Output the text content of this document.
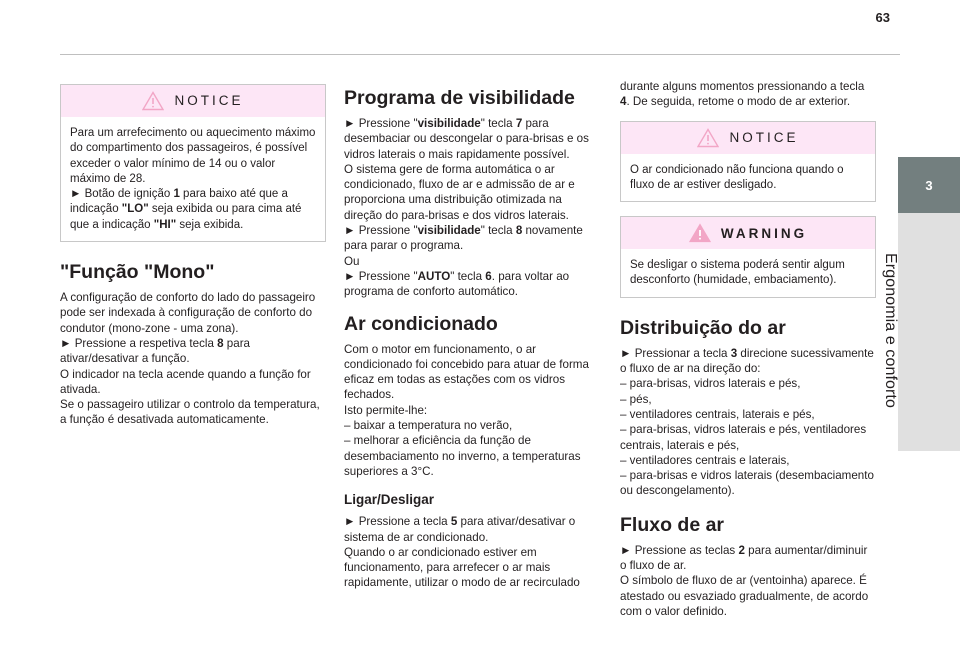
63
3
Ergonomia e conforto
NOTICE

Para um arrefecimento ou aquecimento máximo do compartimento dos passageiros, é possível exceder o valor mínimo de 14 ou o valor máximo de 28.

► Botão de ignição 1 para baixo até que a indicação "LO" seja exibida ou para cima até que a indicação "HI" seja exibida.

"Função "Mono"

A configuração de conforto do lado do passageiro pode ser indexada à configuração de conforto do condutor (mono-zone - uma zona).

► Pressione a respetiva tecla 8 para ativar/desativar a função.

O indicador na tecla acende quando a função for ativada.

Se o passageiro utilizar o controlo da temperatura, a função é desativada automaticamente.

Programa de visibilidade

► Pressione "visibilidade" tecla 7 para desembaciar ou descongelar o para-brisas e os vidros laterais o mais rapidamente possível.

O sistema gere de forma automática o ar condicionado, fluxo de ar e admissão de ar e proporciona uma distribuição otimizada na direção do para-brisas e dos vidros laterais.

► Pressione "visibilidade" tecla 8 novamente para parar o programa.

Ou

► Pressione "AUTO" tecla 6. para voltar ao programa de conforto automático.

Ar condicionado

Com o motor em funcionamento, o ar condicionado foi concebido para atuar de forma eficaz em todas as estações com os vidros fechados.

Isto permite-lhe:

– baixar a temperatura no verão,

– melhorar a eficiência da função de desembaciamento no inverno, a temperaturas superiores a 3°C.

Ligar/Desligar

► Pressione a tecla 5 para ativar/desativar o sistema de ar condicionado.

Quando o ar condicionado estiver em funcionamento, para arrefecer o ar mais rapidamente, utilizar o modo de ar recirculado

durante alguns momentos pressionando a tecla 4. De seguida, retome o modo de ar exterior.

NOTICE
O ar condicionado não funciona quando o fluxo de ar estiver desligado.
WARNING
Se desligar o sistema poderá sentir algum desconforto (humidade, embaciamento).
Distribuição do ar

► Pressionar a tecla 3 direcione sucessivamente o fluxo de ar na direção do:

– para-brisas, vidros laterais e pés,

– pés,

– ventiladores centrais, laterais e pés,

– para-brisas, vidros laterais e pés, ventiladores centrais, laterais e pés,

– ventiladores centrais e laterais,

– para-brisas e vidros laterais (desembaciamento ou descongelamento).

Fluxo de ar

► Pressione as teclas 2 para aumentar/diminuir o fluxo de ar.

O símbolo de fluxo de ar (ventoinha) aparece. É atestado ou esvaziado gradualmente, de acordo com o valor definido.
